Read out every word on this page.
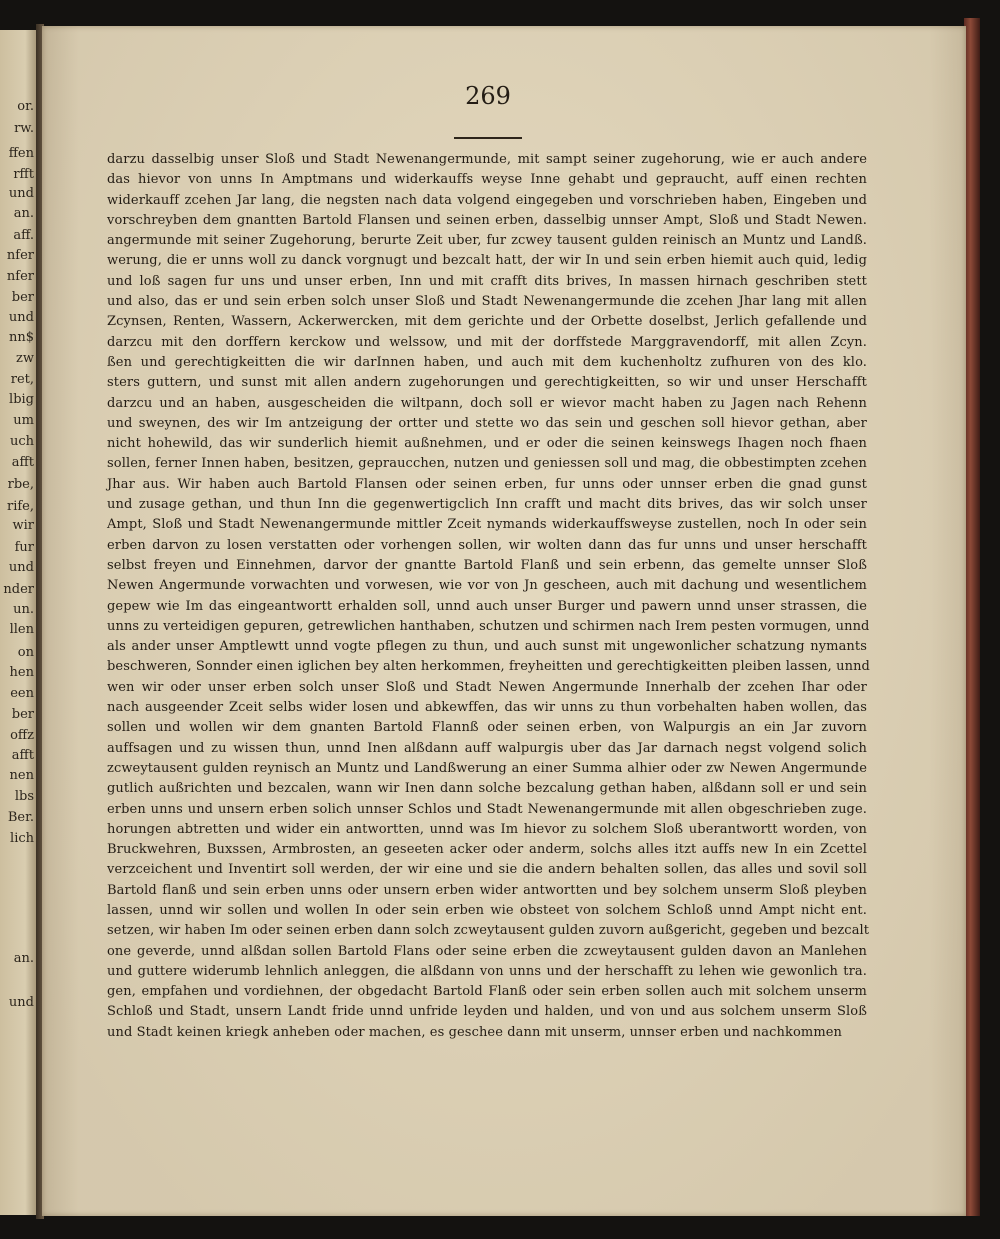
or.
rw.
ffen
rfft
und
an.
aff.
nfer
nfer
ber
und
nn$
zw
ret,
lbig
um
uch
afft
rbe,
rife,
wir
fur
und
nder
un.
llen
on
hen
een
ber
offz
afft
nen
lbs
Ber.
lich
an.
und
269
darzu dasselbig unser Sloß und Stadt Newenangermunde, mit sampt seiner zugehorung, wie er auch andere
das hievor von unns In Amptmans und widerkauffs weyse Inne gehabt und gepraucht, auff einen rechten
widerkauff zcehen Jar lang, die negsten nach data volgend eingegeben und vorschrieben haben, Eingeben und
vorschreyben dem gnantten Bartold Flansen und seinen erben, dasselbig unnser Ampt, Sloß und Stadt Newen.
angermunde mit seiner Zugehorung, berurte Zeit uber, fur zcwey tausent gulden reinisch an Muntz und Landß.
werung, die er unns woll zu danck vorgnugt und bezcalt hatt, der wir In und sein erben hiemit auch quid, ledig
und loß sagen fur uns und unser erben, Inn und mit crafft dits brives, In massen hirnach geschriben stett
und also, das er und sein erben solch unser Sloß und Stadt Newenangermunde die zcehen Jhar lang mit allen
Zcynsen, Renten, Wassern, Ackerwercken, mit dem gerichte und der Orbette doselbst, Jerlich gefallende und
darzcu mit den dorffern kerckow und welssow, und mit der dorffstede Marggravendorff, mit allen Zcyn.
ßen und gerechtigkeitten die wir darInnen haben, und auch mit dem kuchenholtz zufhuren von des klo.
sters guttern, und sunst mit allen andern zugehorungen und gerechtigkeitten, so wir und unser Herschafft
darzcu und an haben, ausgescheiden die wiltpann, doch soll er wievor macht haben zu Jagen nach Rehenn
und sweynen, des wir Im antzeigung der ortter und stette wo das sein und geschen soll hievor gethan, aber
nicht hohewild, das wir sunderlich hiemit außnehmen, und er oder die seinen keinswegs Ihagen noch fhaen
sollen, ferner Innen haben, besitzen, gepraucchen, nutzen und geniessen soll und mag, die obbestimpten zcehen
Jhar aus. Wir haben auch Bartold Flansen oder seinen erben, fur unns oder unnser erben die gnad gunst
und zusage gethan, und thun Inn die gegenwertigclich Inn crafft und macht dits brives, das wir solch unser
Ampt, Sloß und Stadt Newenangermunde mittler Zceit nymands widerkauffsweyse zustellen, noch In oder sein
erben darvon zu losen verstatten oder vorhengen sollen, wir wolten dann das fur unns und unser herschafft
selbst freyen und Einnehmen, darvor der gnantte Bartold Flanß und sein erbenn, das gemelte unnser Sloß
Newen Angermunde vorwachten und vorwesen, wie vor von Jn gescheen, auch mit dachung und wesentlichem
gepew wie Im das eingeantwortt erhalden soll, unnd auch unser Burger und pawern unnd unser strassen, die
unns zu verteidigen gepuren, getrewlichen hanthaben, schutzen und schirmen nach Irem pesten vormugen, unnd
als ander unser Amptlewtt unnd vogte pflegen zu thun, und auch sunst mit ungewonlicher schatzung nymants
beschweren, Sonnder einen iglichen bey alten herkommen, freyheitten und gerechtigkeitten pleiben lassen, unnd
wen wir oder unser erben solch unser Sloß und Stadt Newen Angermunde Innerhalb der zcehen Ihar oder
nach ausgeender Zceit selbs wider losen und abkewffen, das wir unns zu thun vorbehalten haben wollen, das
sollen und wollen wir dem gnanten Bartold Flannß oder seinen erben, von Walpurgis an ein Jar zuvorn
auffsagen und zu wissen thun, unnd Inen alßdann auff walpurgis uber das Jar darnach negst volgend solich
zcweytausent gulden reynisch an Muntz und Landßwerung an einer Summa alhier oder zw Newen Angermunde
gutlich außrichten und bezcalen, wann wir Inen dann solche bezcalung gethan haben, alßdann soll er und sein
erben unns und unsern erben solich unnser Schlos und Stadt Newenangermunde mit allen obgeschrieben zuge.
horungen abtretten und wider ein antwortten, unnd was Im hievor zu solchem Sloß uberantwortt worden, von
Bruckwehren, Buxssen, Armbrosten, an geseeten acker oder anderm, solchs alles itzt auffs new In ein Zcettel
verzceichent und Inventirt soll werden, der wir eine und sie die andern behalten sollen, das alles und sovil soll
Bartold flanß und sein erben unns oder unsern erben wider antwortten und bey solchem unserm Sloß pleyben
lassen, unnd wir sollen und wollen In oder sein erben wie obsteet von solchem Schloß unnd Ampt nicht ent.
setzen, wir haben Im oder seinen erben dann solch zcweytausent gulden zuvorn außgericht, gegeben und bezcalt
one geverde, unnd alßdan sollen Bartold Flans oder seine erben die zcweytausent gulden davon an Manlehen
und guttere widerumb lehnlich anleggen, die alßdann von unns und der herschafft zu lehen wie gewonlich tra.
gen, empfahen und vordiehnen, der obgedacht Bartold Flanß oder sein erben sollen auch mit solchem unserm
Schloß und Stadt, unsern Landt fride unnd unfride leyden und halden, und von und aus solchem unserm Sloß
und Stadt keinen kriegk anheben oder machen, es geschee dann mit unserm, unnser erben und nachkommen
